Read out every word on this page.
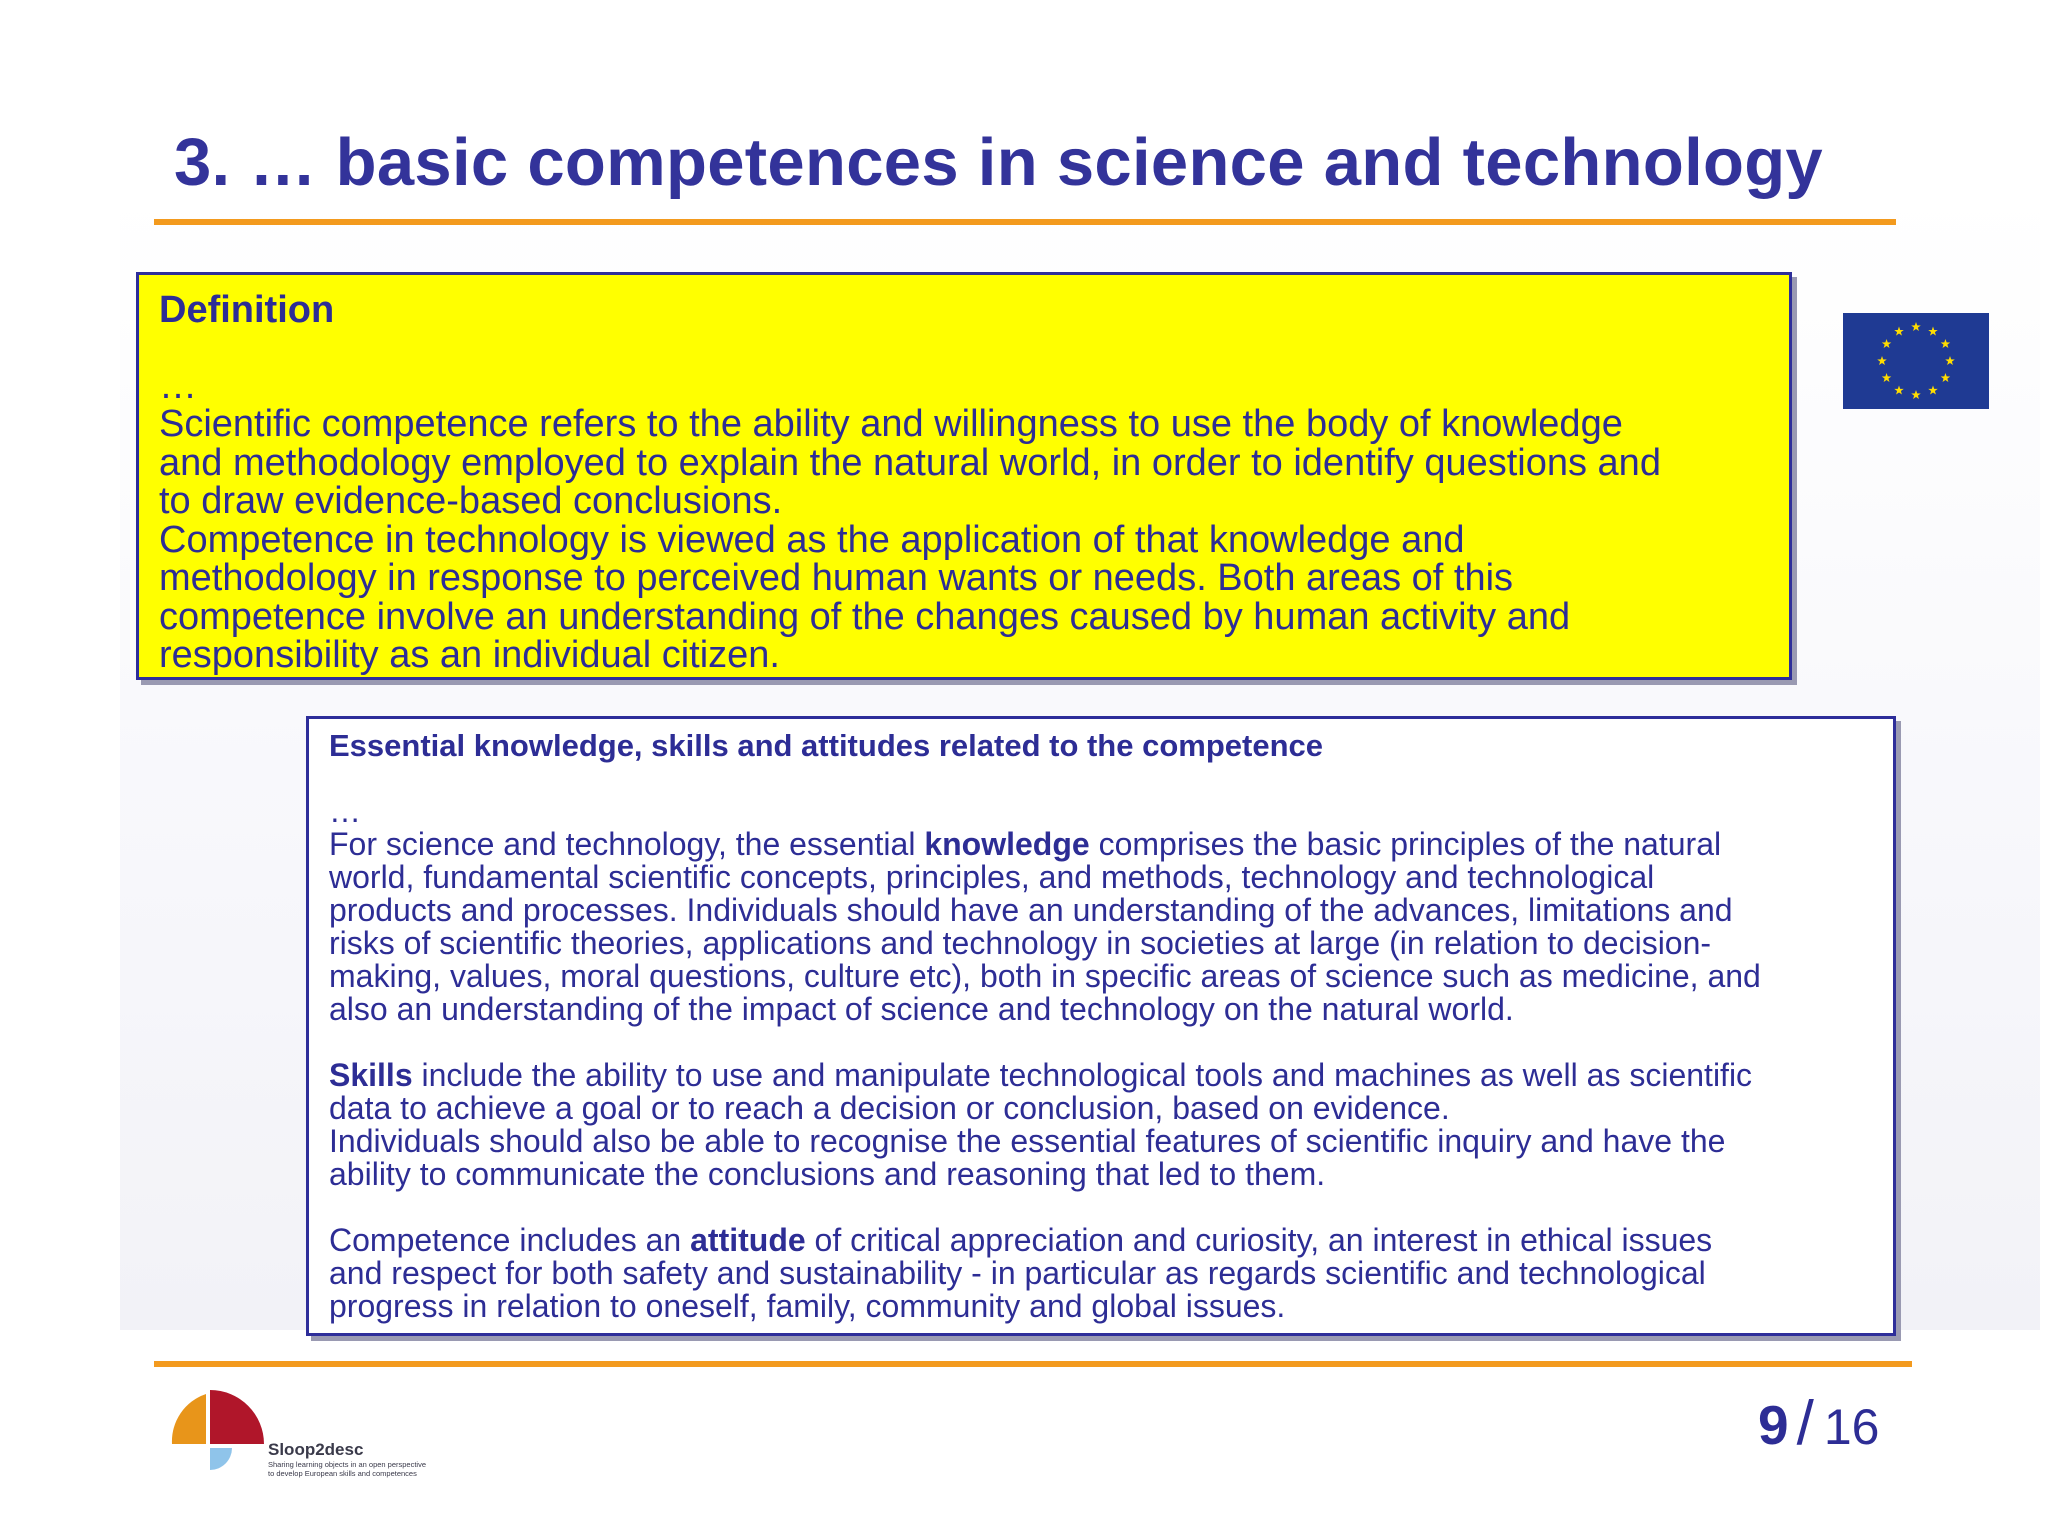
3. … basic competences in science and technology
Definition
…
Scientific competence refers to the ability and willingness to use the body of knowledge
and methodology employed to explain the natural world, in order to identify questions and
to draw evidence-based conclusions.
Competence in technology is viewed as the application of that knowledge and
methodology in response to perceived human wants or needs. Both areas of this
competence involve an understanding of the changes caused by human activity and
responsibility as an individual citizen.
Essential knowledge, skills and attitudes related to the competence
…
For science and technology, the essential knowledge comprises the basic principles of the natural
world, fundamental scientific concepts, principles, and methods, technology and technological
products and processes. Individuals should have an understanding of the advances, limitations and
risks of scientific theories, applications and technology in societies at large (in relation to decision-
making, values, moral questions, culture etc), both in specific areas of science such as medicine, and
also an understanding of the impact of science and technology on the natural world.
Skills include the ability to use and manipulate technological tools and machines as well as scientific
data to achieve a goal or to reach a decision or conclusion, based on evidence.
Individuals should also be able to recognise the essential features of scientific inquiry and have the
ability to communicate the conclusions and reasoning that led to them.
Competence includes an attitude of critical appreciation and curiosity, an interest in ethical issues
and respect for both safety and sustainability - in particular as regards scientific and technological
progress in relation to oneself, family, community and global issues.
Sloop2desc
Sharing learning objects in an open perspective
to develop European skills and competences
9 / 16
